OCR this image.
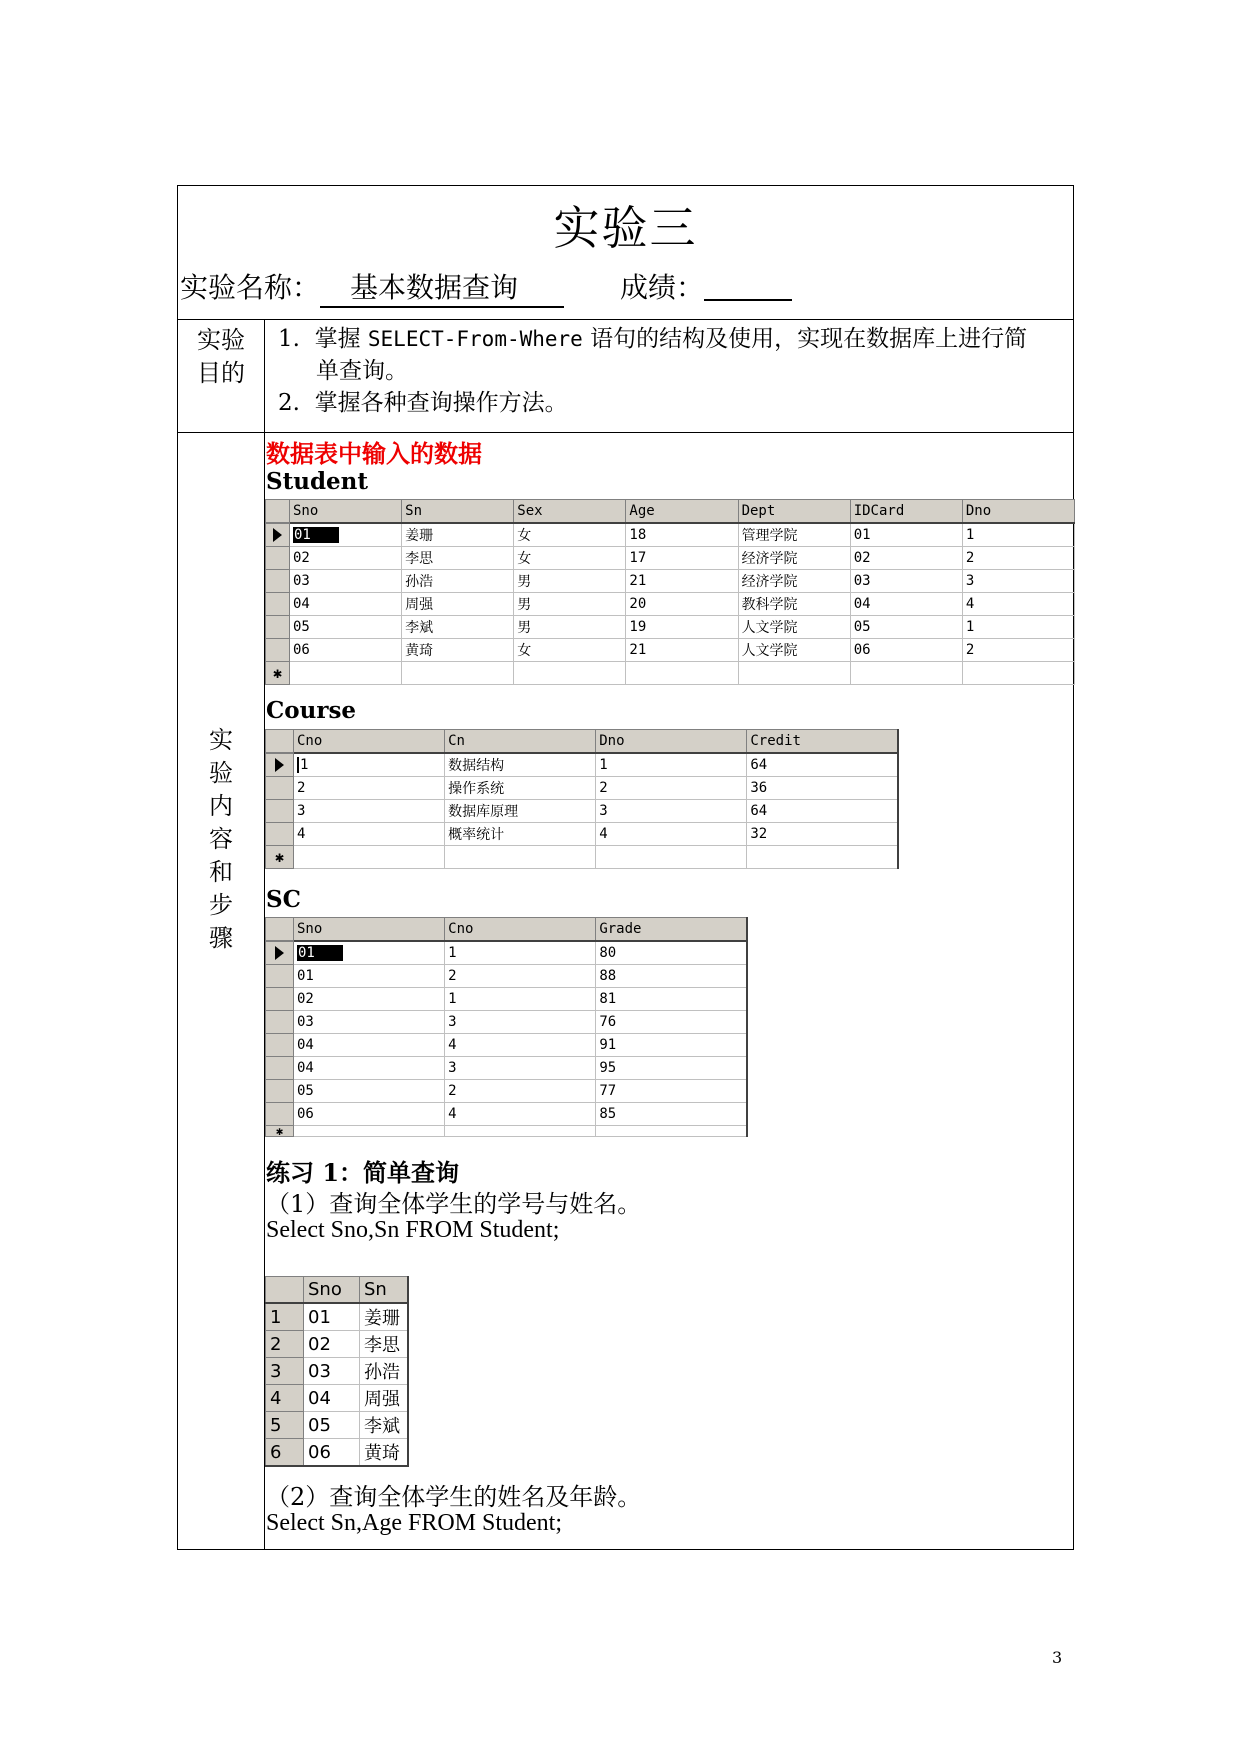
实验三
实验名称： 基本数据查询	成绩：
实验
目的
1. 掌握 SELECT-From-Where 语句的结构及使用，实现在数据库上进行简
单查询。
2. 掌握各种查询操作方法。
实
验
内
容
和
步
骤
数据表中输入的数据
Student
	Sno	Sn	Sex	Age	Dept	IDCard	Dno
	01	姜珊	女	18	管理学院	01	1
	02	李思	女	17	经济学院	02	2
	03	孙浩	男	21	经济学院	03	3
	04	周强	男	20	教科学院	04	4
	05	李斌	男	19	人文学院	05	1
	06	黄琦	女	21	人文学院	06	2
✱							
Course
	Cno	Cn	Dno	Credit
	1	数据结构	1	64
	2	操作系统	2	36
	3	数据库原理	3	64
	4	概率统计	4	32
✱				
SC
	Sno	Cno	Grade
	01	1	80
	01	2	88
	02	1	81
	03	3	76
	04	4	91
	04	3	95
	05	2	77
	06	4	85
✱			
练习 1：简单查询
（1）查询全体学生的学号与姓名。
Select Sno,Sn FROM Student;
	Sno	Sn
1	01	姜珊
2	02	李思
3	03	孙浩
4	04	周强
5	05	李斌
6	06	黄琦
（2）查询全体学生的姓名及年龄。
Select Sn,Age FROM Student;
3
